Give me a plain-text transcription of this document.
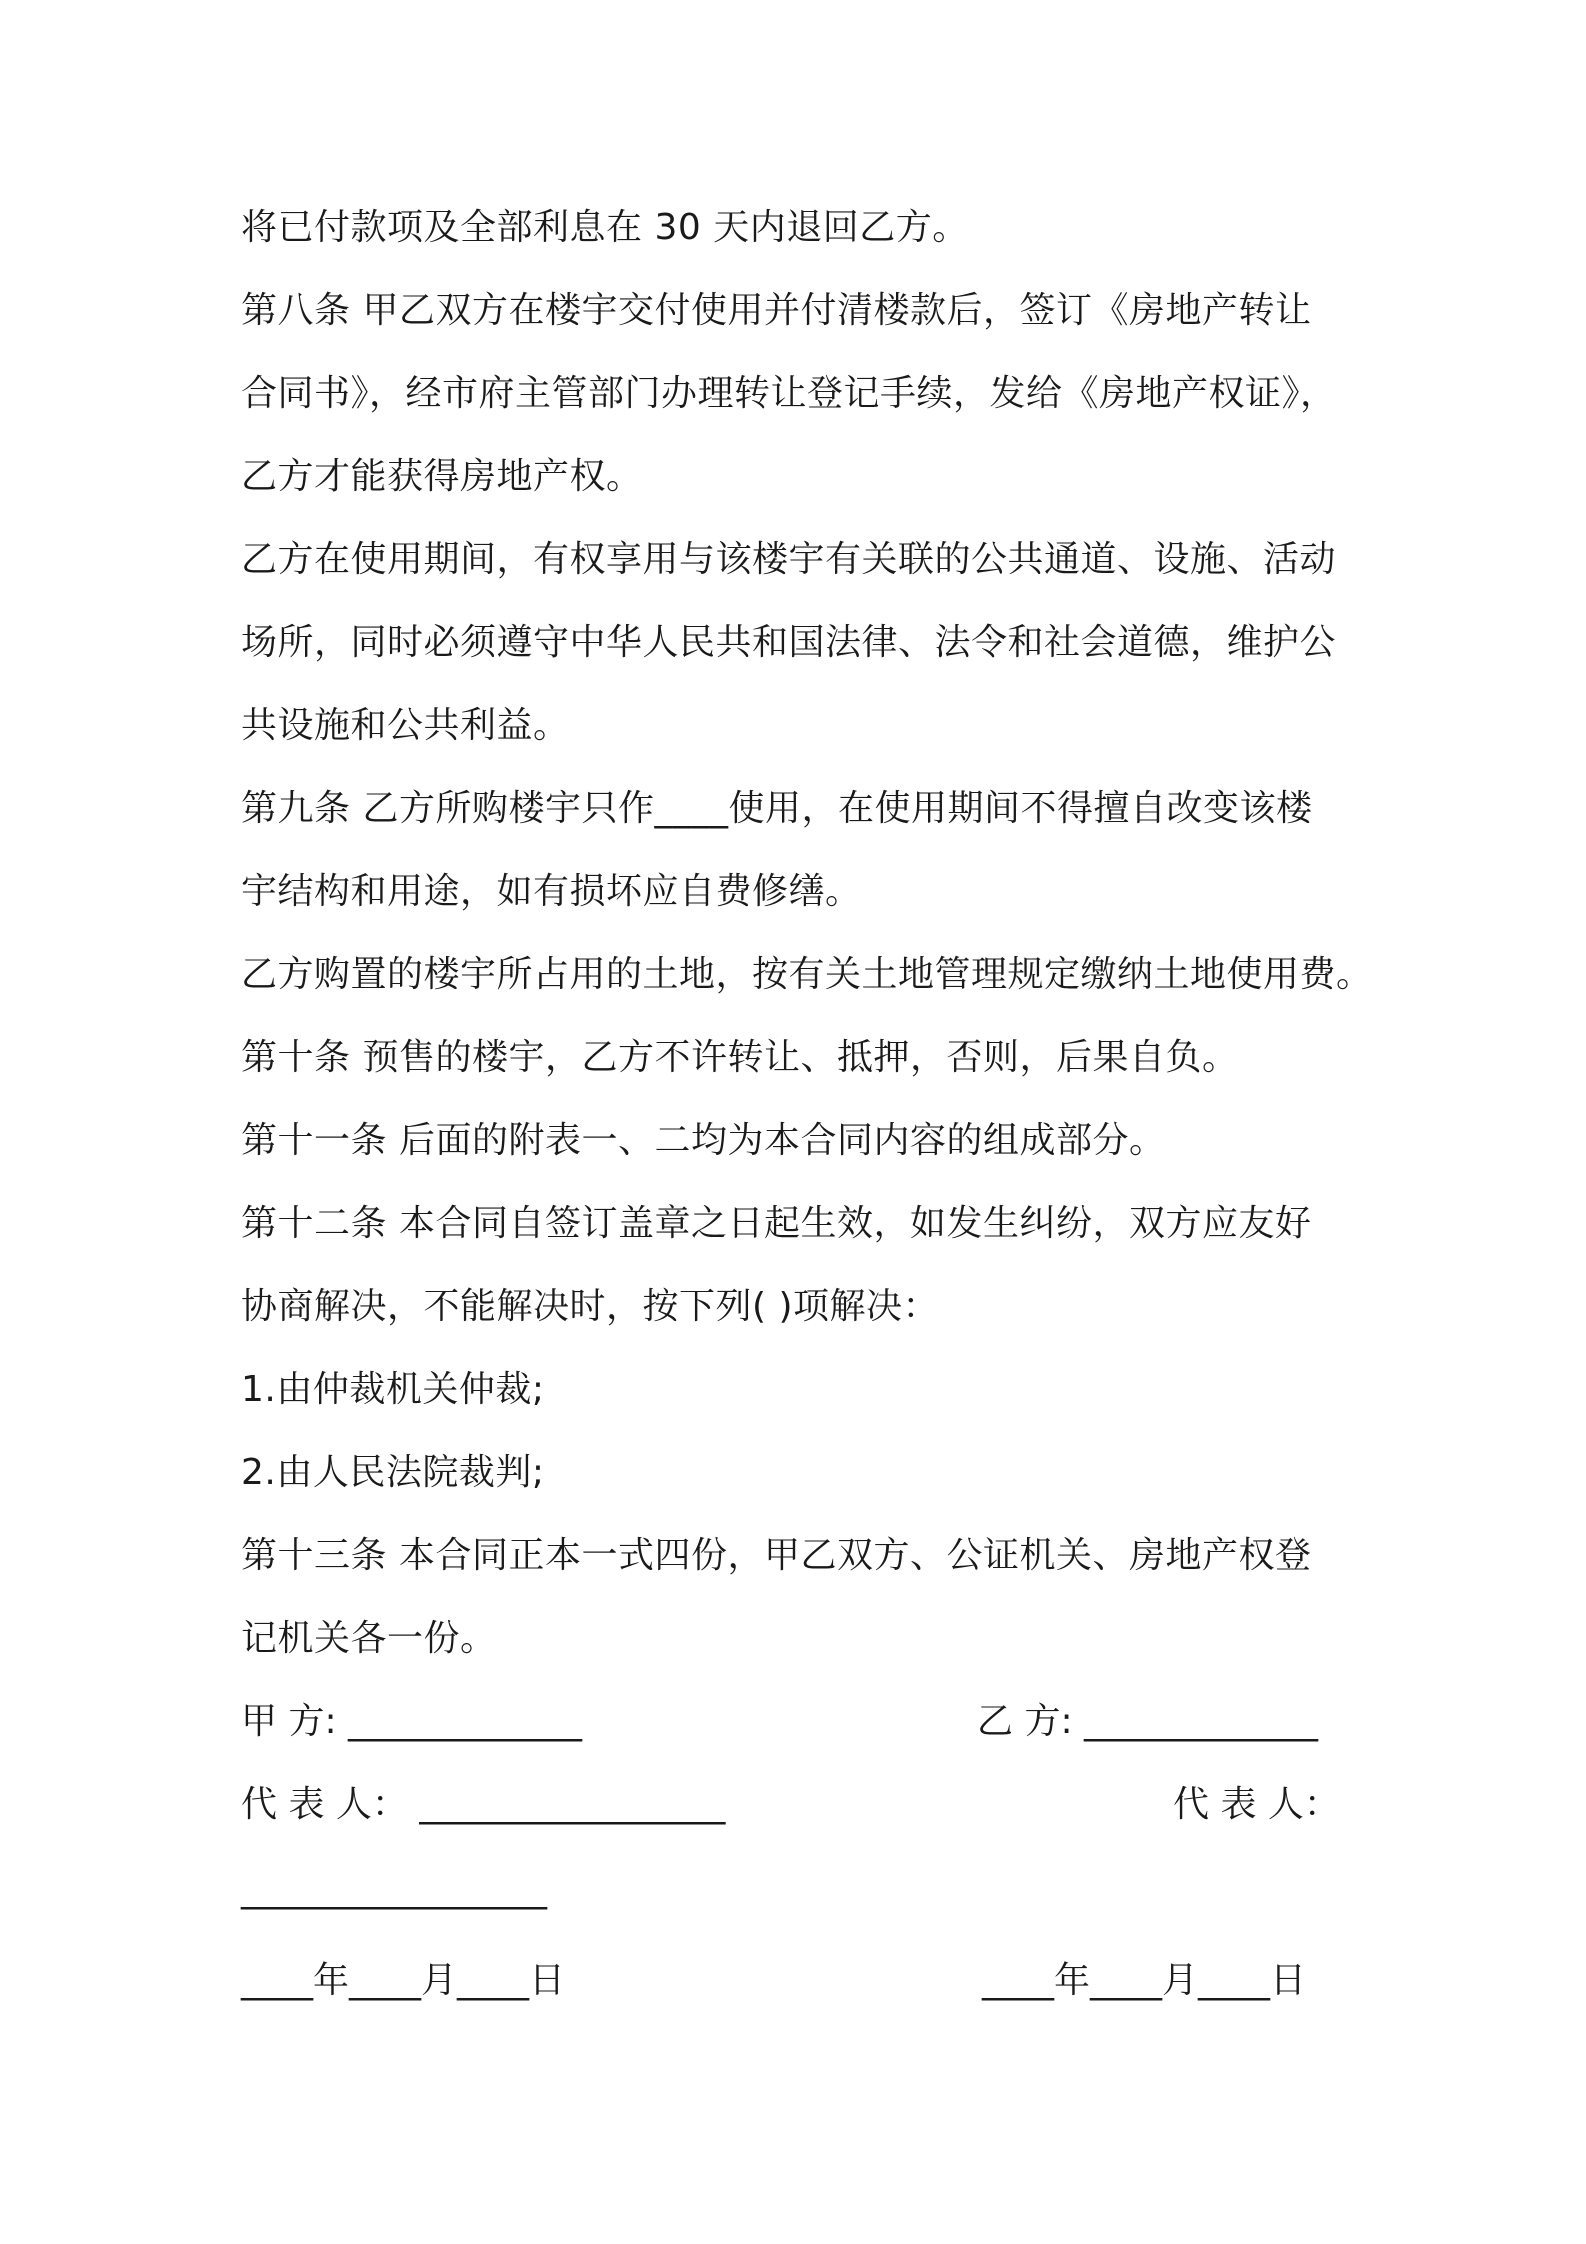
将已付款项及全部利息在 30 天内退回乙方。
第八条 甲乙双方在楼宇交付使用并付清楼款后，签订《房地产转让
合同书》，经市府主管部门办理转让登记手续，发给《房地产权证》，
乙方才能获得房地产权。
乙方在使用期间，有权享用与该楼宇有关联的公共通道、设施、活动
场所，同时必须遵守中华人民共和国法律、法令和社会道德，维护公
共设施和公共利益。
第九条 乙方所购楼宇只作____使用，在使用期间不得擅自改变该楼
宇结构和用途，如有损坏应自费修缮。
乙方购置的楼宇所占用的土地，按有关土地管理规定缴纳土地使用费。
第十条 预售的楼宇，乙方不许转让、抵押，否则，后果自负。
第十一条 后面的附表一、二均为本合同内容的组成部分。
第十二条 本合同自签订盖章之日起生效，如发生纠纷，双方应友好
协商解决，不能解决时，按下列( )项解决：
1.由仲裁机关仲裁;
2.由人民法院裁判;
第十三条 本合同正本一式四份，甲乙双方、公证机关、房地产权登
记机关各一份。
甲 方: _____________	乙 方: _____________
代 表 人： _________________	代 表 人：
_________________
____年____月____日	____年____月____日
